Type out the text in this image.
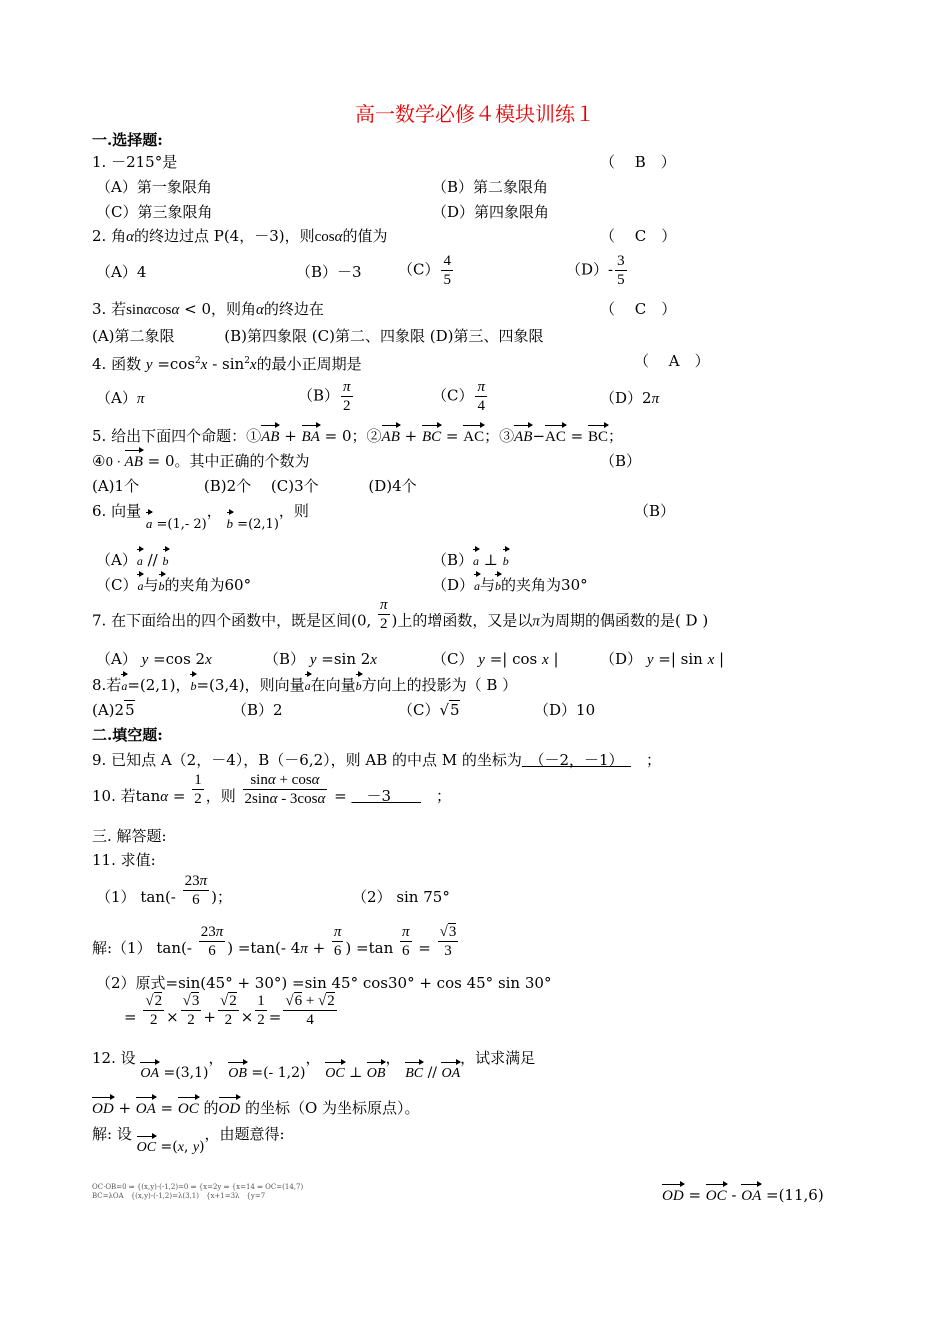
高一数学必修４模块训练１
一.选择题:
1. －215°是	（　 B　）
（A）第一象限角	（B）第二象限角
（C）第三象限角	（D）第四象限角
2. 角α的终边过点 P(4，－3)，则cosα的值为	（　 C　）
（A）4	（B）－3 $(C) \frac{4}{5}$	$(D)- \frac{3}{5}$
3. 若sinαcosα < 0，则角α的终边在	（　 C　）
(A)第二象限　　　 (B)第四象限 (C)第二、四象限 (D)第三、四象限
4. 函数 $y =\cos^2x - \sin^2x$的最小正周期是	（　 A　）
（A）π	$(B) \frac{\pi}{2}$	$(C) \frac{\pi}{4}$	（D）2π
5. 给出下面四个命题：①AB + BA = 0；②AB + BC = AC；③AB−AC = BC；
④0 · AB = 0。其中正确的个数为	（B）
(A)1个　　　　 (B)2个　 (C)3个　　　 (D)4个
6. 向量 a =(1,- 2)， b =(2,1)，则	（B）
（A）a // b	（B）a ⊥ b
（C）a与b的夹角为60°	（D）a与b的夹角为30°
7. 在下面给出的四个函数中，既是区间(0, $\frac{\pi}{2}$ )上的增函数，又是以π为周期的偶函数的是( D )
（A） y =cos 2x	（B） y =sin 2x	（C） y =| cos x |	（D） y =| sin x |
8.若a=(2,1)，b=(3,4)，则向量a在向量b方向上的投影为（ B ）
(A)25	（B）2	（C）√5	（D）10
二.填空题:
9. 已知点 A（2，－4），B（－6,2），则 AB 的中点 M 的坐标为　（－2，－1）　　；
10. 若$\tan\alpha = \frac{1}{2}$ ，则 $\frac{\sin\alpha + \cos\alpha}{2\sin\alpha - 3\cos\alpha}$ = 　－3　　　；
三. 解答题:
11. 求值:
（1） $\tan(- \frac{23\pi}{6}$ )；	（2） sin 75°
解:（1） $\tan(- \frac{23\pi}{6}$ ) =tan(- $4\pi + \frac{\pi}{6}$ ) $=\tan \frac{\pi}{6} = \frac{√3}{3}$
（2）原式=sin(45° + 30°) =sin 45° cos30° + cos 45° sin 30°
= $\frac{√2}{2} \times \frac{√3}{2} + \frac{√2}{2} \times \frac{1}{2} = \frac{√6 + √2}{4}$
12. 设 OA =(3,1)， OB =(- 1,2)， OC ⊥ OB， BC // OA，试求满足
OD + OA = OC 的OD 的坐标（O 为坐标原点）。
解: 设 OC =(x, y)，由题意得:
OC·OB=0 ⇒ {(x,y)·(-1,2)=0 ⇒ {x=2y ⇒ {x=14 ⇒ OC=(14,7)
BC=λOA　{(x,y)-(-1,2)=λ(3,1)　{x+1=3λ　{y=7	OD = OC - OA =(11,6)
